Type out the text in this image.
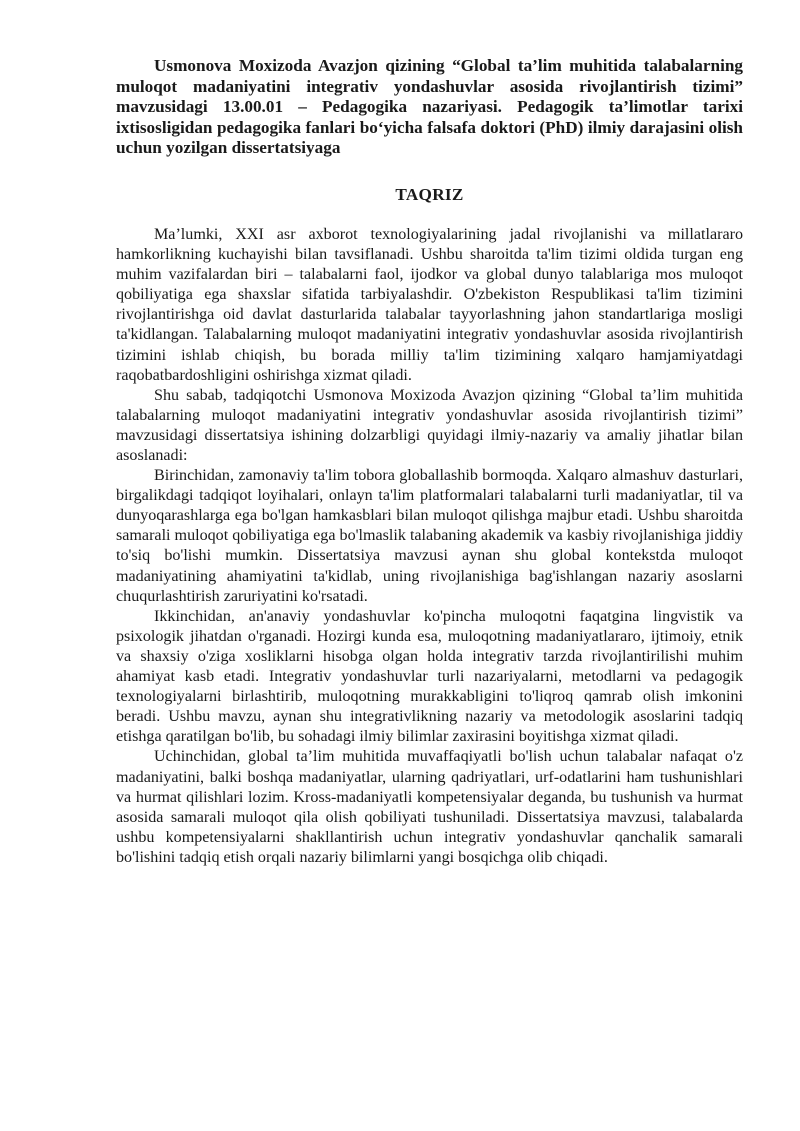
Usmonova Moxizoda Avazjon qizining “Global ta’lim muhitida talabalarning muloqot madaniyatini integrativ yondashuvlar asosida rivojlantirish tizimi” mavzusidagi 13.00.01 – Pedagogika nazariyasi. Pedagogik ta’limotlar tarixi ixtisosligidan pedagogika fanlari bo‘yicha falsafa doktori (PhD) ilmiy darajasini olish uchun yozilgan dissertatsiyaga

TAQRIZ

Ma’lumki, XXI asr axborot texnologiyalarining jadal rivojlanishi va millatlararo hamkorlikning kuchayishi bilan tavsiflanadi. Ushbu sharoitda ta'lim tizimi oldida turgan eng muhim vazifalardan biri – talabalarni faol, ijodkor va global dunyo talablariga mos muloqot qobiliyatiga ega shaxslar sifatida tarbiyalashdir. O'zbekiston Respublikasi ta'lim tizimini rivojlantirishga oid davlat dasturlarida talabalar tayyorlashning jahon standartlariga mosligi ta'kidlangan. Talabalarning muloqot madaniyatini integrativ yondashuvlar asosida rivojlantirish tizimini ishlab chiqish, bu borada milliy ta'lim tizimining xalqaro hamjamiyatdagi raqobatbardoshligini oshirishga xizmat qiladi.

Shu sabab, tadqiqotchi Usmonova Moxizoda Avazjon qizining “Global ta’lim muhitida talabalarning muloqot madaniyatini integrativ yondashuvlar asosida rivojlantirish tizimi” mavzusidagi dissertatsiya ishining dolzarbligi quyidagi ilmiy-nazariy va amaliy jihatlar bilan asoslanadi:

Birinchidan, zamonaviy ta'lim tobora globallashib bormoqda. Xalqaro almashuv dasturlari, birgalikdagi tadqiqot loyihalari, onlayn ta'lim platformalari talabalarni turli madaniyatlar, til va dunyoqarashlarga ega bo'lgan hamkasblari bilan muloqot qilishga majbur etadi. Ushbu sharoitda samarali muloqot qobiliyatiga ega bo'lmaslik talabaning akademik va kasbiy rivojlanishiga jiddiy to'siq bo'lishi mumkin. Dissertatsiya mavzusi aynan shu global kontekstda muloqot madaniyatining ahamiyatini ta'kidlab, uning rivojlanishiga bag'ishlangan nazariy asoslarni chuqurlashtirish zaruriyatini ko'rsatadi.

Ikkinchidan, an'anaviy yondashuvlar ko'pincha muloqotni faqatgina lingvistik va psixologik jihatdan o'rganadi. Hozirgi kunda esa, muloqotning madaniyatlararo, ijtimoiy, etnik va shaxsiy o'ziga xosliklarni hisobga olgan holda integrativ tarzda rivojlantirilishi muhim ahamiyat kasb etadi. Integrativ yondashuvlar turli nazariyalarni, metodlarni va pedagogik texnologiyalarni birlashtirib, muloqotning murakkabligini to'liqroq qamrab olish imkonini beradi. Ushbu mavzu, aynan shu integrativlikning nazariy va metodologik asoslarini tadqiq etishga qaratilgan bo'lib, bu sohadagi ilmiy bilimlar zaxirasini boyitishga xizmat qiladi.

Uchinchidan, global ta’lim muhitida muvaffaqiyatli bo'lish uchun talabalar nafaqat o'z madaniyatini, balki boshqa madaniyatlar, ularning qadriyatlari, urf-odatlarini ham tushunishlari va hurmat qilishlari lozim. Kross-madaniyatli kompetensiyalar deganda, bu tushunish va hurmat asosida samarali muloqot qila olish qobiliyati tushuniladi. Dissertatsiya mavzusi, talabalarda ushbu kompetensiyalarni shakllantirish uchun integrativ yondashuvlar qanchalik samarali bo'lishini tadqiq etish orqali nazariy bilimlarni yangi bosqichga olib chiqadi.
